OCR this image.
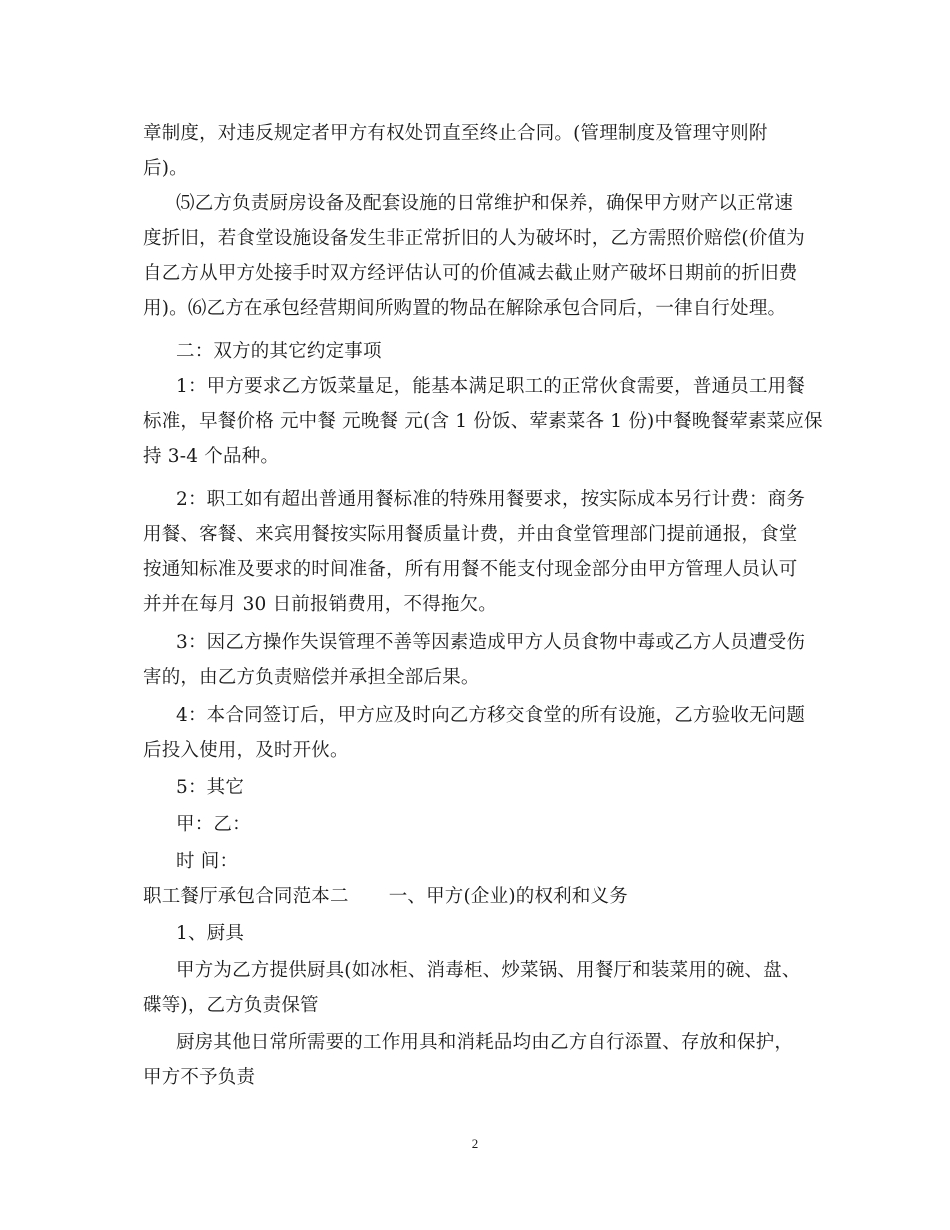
章制度，对违反规定者甲方有权处罚直至终止合同。(管理制度及管理守则附
后)。
⑸乙方负责厨房设备及配套设施的日常维护和保养，确保甲方财产以正常速
度折旧，若食堂设施设备发生非正常折旧的人为破坏时，乙方需照价赔偿(价值为
自乙方从甲方处接手时双方经评估认可的价值减去截止财产破坏日期前的折旧费
用)。⑹乙方在承包经营期间所购置的物品在解除承包合同后，一律自行处理。
二：双方的其它约定事项
1：甲方要求乙方饭菜量足，能基本满足职工的正常伙食需要，普通员工用餐
标准，早餐价格 元中餐 元晚餐 元(含 1 份饭、荤素菜各 1 份)中餐晚餐荤素菜应保
持 3-4 个品种。
2：职工如有超出普通用餐标准的特殊用餐要求，按实际成本另行计费：商务
用餐、客餐、来宾用餐按实际用餐质量计费，并由食堂管理部门提前通报，食堂
按通知标准及要求的时间准备，所有用餐不能支付现金部分由甲方管理人员认可
并并在每月 30 日前报销费用，不得拖欠。
3：因乙方操作失误管理不善等因素造成甲方人员食物中毒或乙方人员遭受伤
害的，由乙方负责赔偿并承担全部后果。
4：本合同签订后，甲方应及时向乙方移交食堂的所有设施，乙方验收无问题
后投入使用，及时开伙。
5：其它
甲：乙：
时 间：
职工餐厅承包合同范本二 一、甲方(企业)的权利和义务
1、厨具
甲方为乙方提供厨具(如冰柜、消毒柜、炒菜锅、用餐厅和装菜用的碗、盘、
碟等)，乙方负责保管
厨房其他日常所需要的工作用具和消耗品均由乙方自行添置、存放和保护，
甲方不予负责
2
